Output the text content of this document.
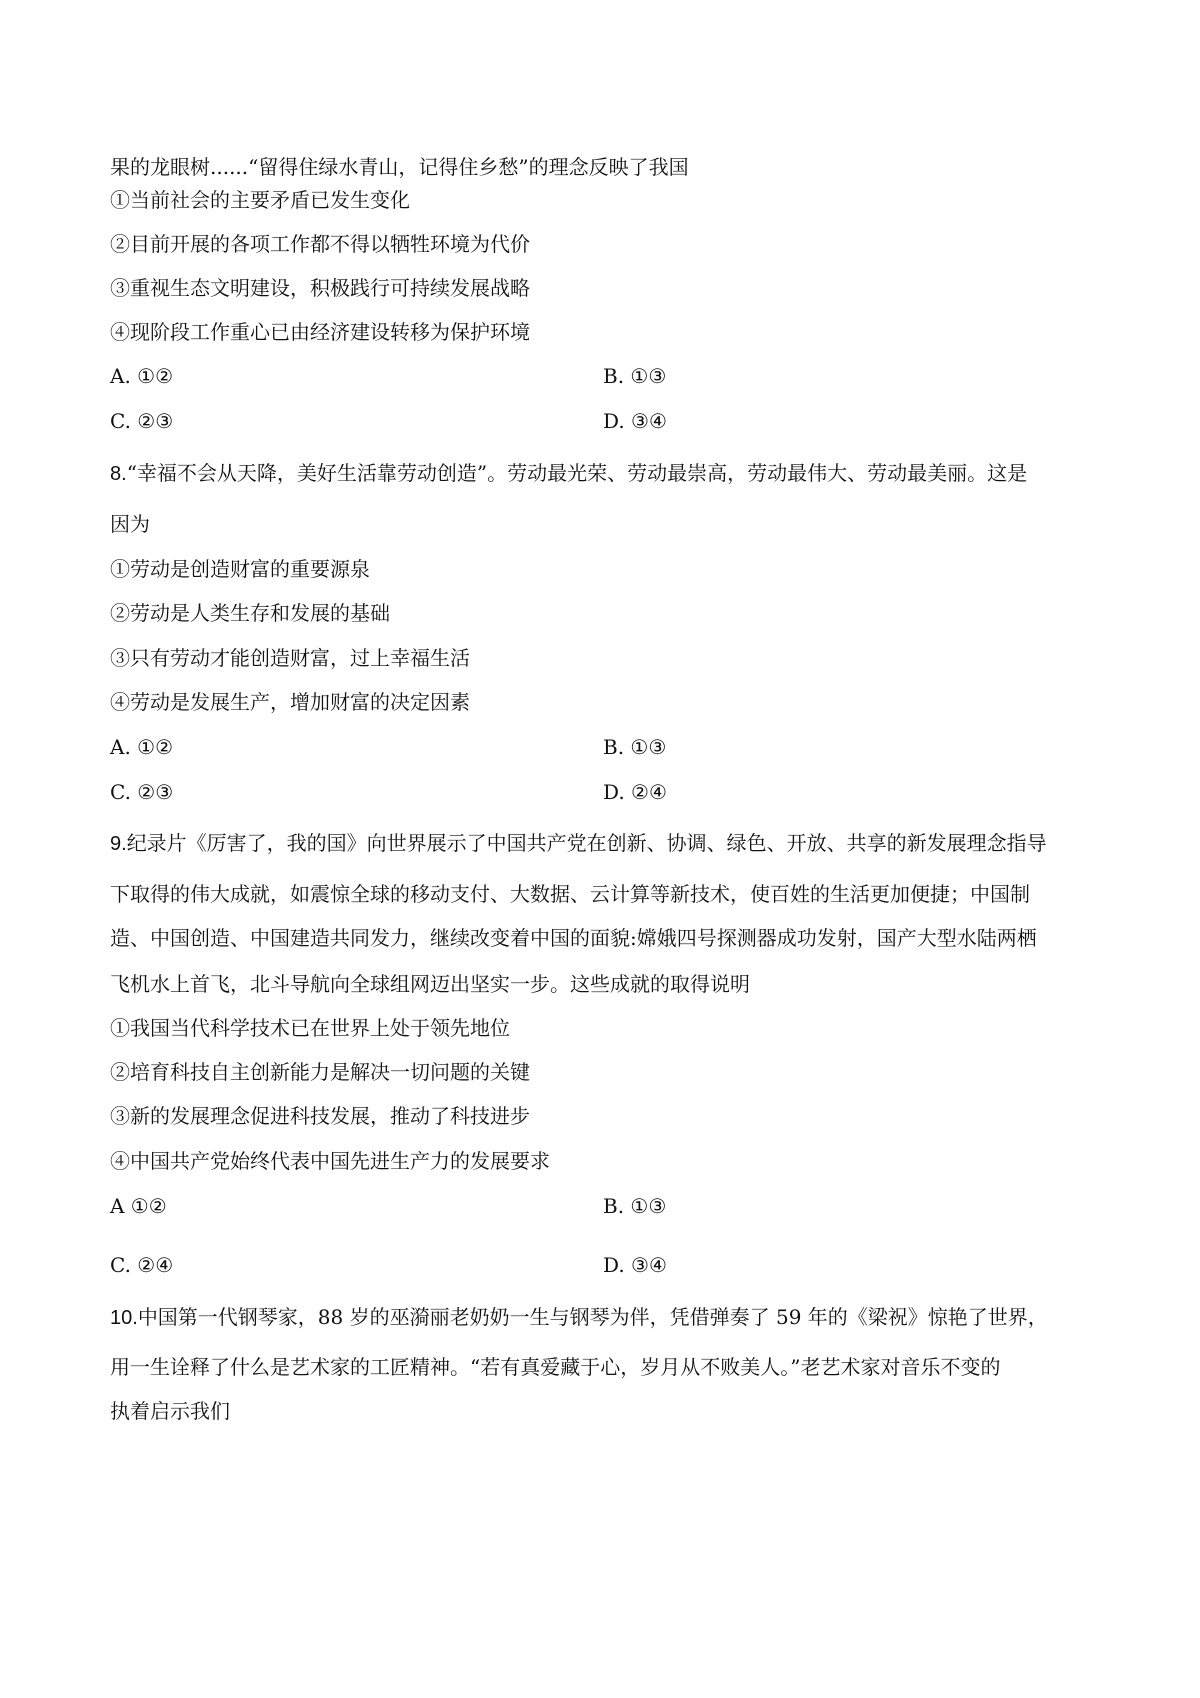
果的龙眼树......“留得住绿水青山，记得住乡愁”的理念反映了我国
①当前社会的主要矛盾已发生变化
②目前开展的各项工作都不得以牺牲环境为代价
③重视生态文明建设，积极践行可持续发展战略
④现阶段工作重心已由经济建设转移为保护环境
A. ①②	B. ①③
C. ②③	D. ③④
8.“幸福不会从天降，美好生活靠劳动创造”。劳动最光荣、劳动最崇高，劳动最伟大、劳动最美丽。这是
因为
①劳动是创造财富的重要源泉
②劳动是人类生存和发展的基础
③只有劳动才能创造财富，过上幸福生活
④劳动是发展生产，增加财富的决定因素
A. ①②	B. ①③
C. ②③	D. ②④
9.纪录片《厉害了，我的国》向世界展示了中国共产党在创新、协调、绿色、开放、共享的新发展理念指导
下取得的伟大成就，如震惊全球的移动支付、大数据、云计算等新技术，使百姓的生活更加便捷；中国制
造、中国创造、中国建造共同发力，继续改变着中国的面貌:嫦娥四号探测器成功发射，国产大型水陆两栖
飞机水上首飞，北斗导航向全球组网迈出坚实一步。这些成就的取得说明
①我国当代科学技术已在世界上处于领先地位
②培育科技自主创新能力是解决一切问题的关键
③新的发展理念促进科技发展，推动了科技进步
④中国共产党始终代表中国先进生产力的发展要求
A ①②	B. ①③
C. ②④	D. ③④
10.中国第一代钢琴家，88 岁的巫漪丽老奶奶一生与钢琴为伴，凭借弹奏了 59 年的《梁祝》惊艳了世界，
用一生诠释了什么是艺术家的工匠精神。“若有真爱藏于心，岁月从不败美人。”老艺术家对音乐不变的
执着启示我们
